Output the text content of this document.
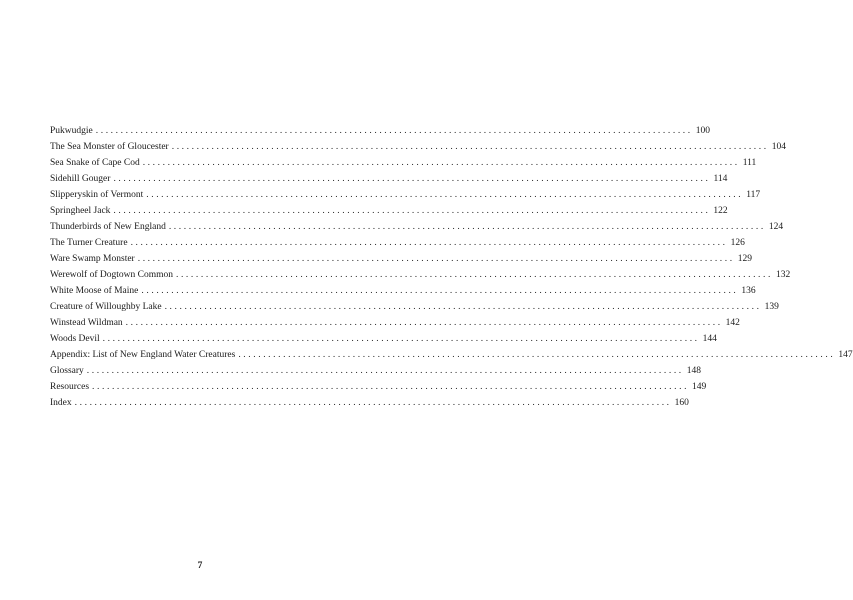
Pukwudgie ........................................................................................................................ 100
The Sea Monster of Gloucester ........................................................................................................................ 104
Sea Snake of Cape Cod ........................................................................................................................ 111
Sidehill Gouger ........................................................................................................................ 114
Slipperyskin of Vermont ........................................................................................................................ 117
Springheel Jack ........................................................................................................................ 122
Thunderbirds of New England ........................................................................................................................ 124
The Turner Creature ........................................................................................................................ 126
Ware Swamp Monster ........................................................................................................................ 129
Werewolf of Dogtown Common ........................................................................................................................ 132
White Moose of Maine ........................................................................................................................ 136
Creature of Willoughby Lake ........................................................................................................................ 139
Winstead Wildman ........................................................................................................................ 142
Woods Devil ........................................................................................................................ 144
Appendix: List of New England Water Creatures ........................................................................................................................ 147
Glossary ........................................................................................................................ 148
Resources ........................................................................................................................ 149
Index ........................................................................................................................ 160
7
